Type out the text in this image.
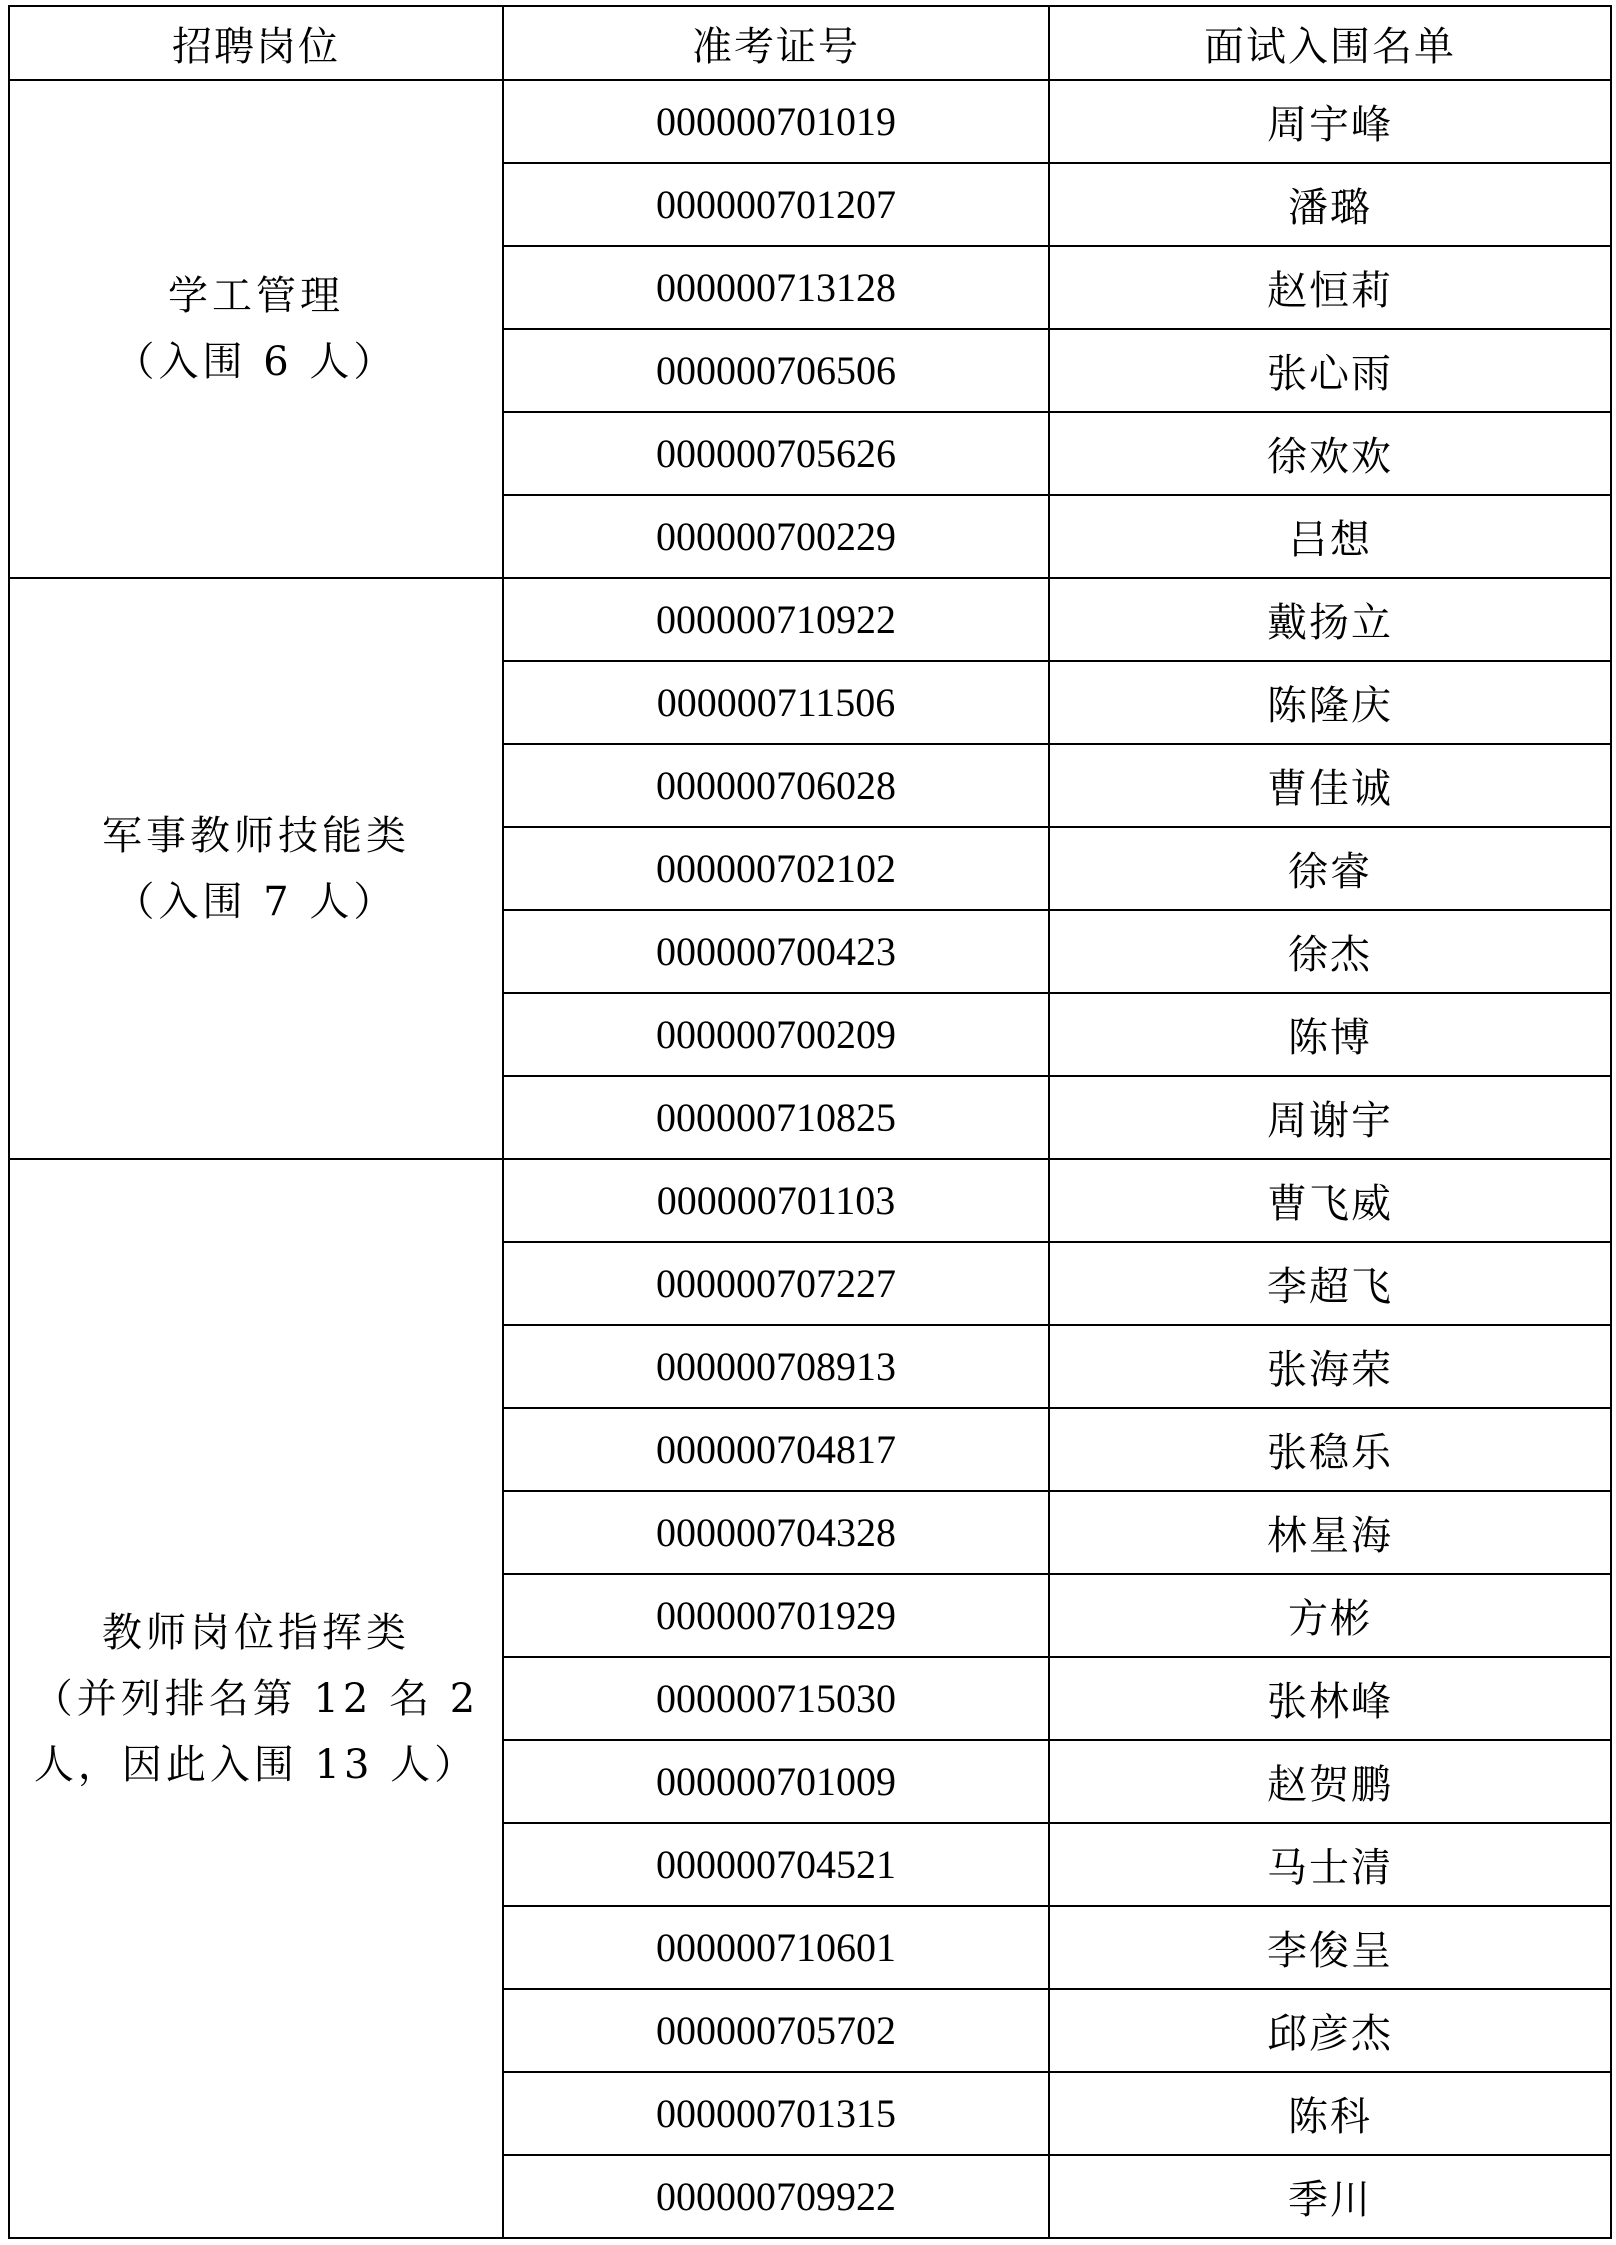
招聘岗位	准考证号	面试入围名单

学工管理
（入围 6 人）	000000701019	周宇峰
	000000701207	潘璐
	000000713128	赵恒莉
	000000706506	张心雨
	000000705626	徐欢欢
	000000700229	吕想

军事教师技能类
（入围 7 人）	000000710922	戴扬立
	000000711506	陈隆庆
	000000706028	曹佳诚
	000000702102	徐睿
	000000700423	徐杰
	000000700209	陈博
	000000710825	周谢宇

教师岗位指挥类
（并列排名第 12 名 2
人，因此入围 13 人）	000000701103	曹飞威
	000000707227	李超飞
	000000708913	张海荣
	000000704817	张稳乐
	000000704328	林星海
	000000701929	方彬
	000000715030	张林峰
	000000701009	赵贺鹏
	000000704521	马士清
	000000710601	李俊呈
	000000705702	邱彦杰
	000000701315	陈科
	000000709922	季川
